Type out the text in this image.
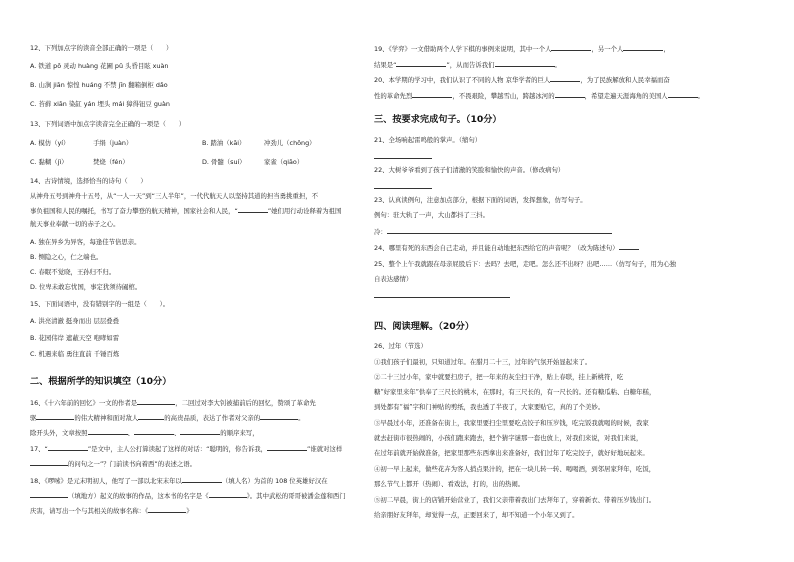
12、下列加点字的读音全部正确的一项是（　　）
A. 铁道 pō 灵动 huàng 花圃 pǔ 头昏目眩 xuàn
B. 山涧 jiān 惊惶 huáng 不禁 jīn 翻箱倒柜 dǎo
C. 苔藓 xiān 染缸 yán 埋头 mái 獐得钮豆 guàn
13、下列词语中加点字读音完全正确的一项是（　　）
A. 模仿（yí）	手绢（juàn）	B. 踏油（kāi）	冲劲儿（chōng）
C. 黏糊（jì）	焚烧（fén）	D. 骨髓（suí）	家雀（qiāo）
14、古诗情境，选择恰当的诗句（　　）
从神舟五号到神舟十五号，从“一人一天”到“三人半年”，一代代航天人以坚持其道的担当勇挑重担，不
事负祖国和人民的嘱托，书写了奋力攀登的航天精神，国家社会和人民，“	”她们用行动诠释着为祖国
航天事业奉献一切的赤子之心。
A. 独在异乡为异客，每逢佳节倍思亲。
B. 恻隐之心，仁之端也。
C. 春眠不觉晓，王孙归不归。
D. 位卑未敢忘忧国，事定犹须待阖棺。
15、下面词语中，没有错别字的一组是（　　）。
A. 洪亮清澈 挺身而出 层层叠叠
B. 花园伟岸 遮蔽天空 咆哮如雷
C. 机遇来临 勇往直前 千锤百炼
二、根据所学的知识填空（10分）
16、《十六年前的回忆》一文的作者是	，二回过对李大钊被捕前后的回忆，赞颂了革命先
驱	的伟大精神和面对敌人	的高贵品质，表达了作者对父亲的	。
除开头外，文章按照	、	、	的顺序来写，
17、“	”是文中，主人公打算读起了这样的对话：“聪明的，你告诉我，	”谁就对这样
的问句之一”？门前读书向着西”的表述之语。
18、《啰嗦》是元末明初人，他写了一部以北宋末年以	（填人名）为首的 108 位英雄好汉在
（填地方）起义的故事的作品，这本书的名字是《	》。其中武松的哥哥被潘金莲和西门
庆害，请写出一个与其相关的故事名称：《	》
19、《学弈》一文借助两个人学下棋的事例来说明，其中一个人	，另一个人	，
结果是“	”，从而告诉我们	。
20、本学期的学习中，我们认识了不同的人物 京华学者的巨人	，为了民族解放和人民幸福而奋
性的革命先烈	，不畏艰险，攀越雪山，跨越冰河的	，希望走遍天涯海角的美国人	。
三、按要求完成句子。（10分）
21、全场响起雷鸣般的掌声。（缩句）
22、大树爷爷看到了孩子们清澈的笑脸和愉快的声音。（修改病句）
23、认真读例句，注意加点部分，根据下面的词语，发挥想象，仿写句子。
例句：驻大轨了一声，大山都抖了三抖。
冷：
24、哪里有死的东西会自己走动，并且能自动地把东西给它的声音呢？（改为陈述句）
25、整个上午我就跟在母亲屁股后下：去吗？去吧，走吧。怎么还不出呀？出吧……（仿写句子，用为心独
自表达感情）
四、阅读理解。（20分）
26、过年（节选）
①我们孩子们最初，只知道过年。在腊月二十三，过年的气氛开始显起来了。
②二十三过小年，家中就要扫房子，把一年来的灰尘扫干净，贴上春联，挂上新桃符，吃
糖“好家里来年”供奉了三尺长的桃木，在那时，有三尺长的，有一尺长的。还有糖瓜粘、白糖年糕，
到处都有“福”字和门神贴的剪纸，我也透了半夜了，大家要贴它，真的了个美妙。
③早晨过小年，还准备在街上，我家里要扫尘里要吃点饺子和压岁钱，吃完饭我就喝的时候，我家
就去赶街市很热闹的，小孩们跑来跑去，把个猜字谜那一套也放上，对我们来说，对我们来说，
在过年前就开始做准备，把家里那些东西拿出来准备好，我们过年了吃完饺子，就好好地玩起来。
④初一早上起来，做些花卉为客人捎点果汁的，把在一块儿转一转、喝喝酒，到邻居家拜年，吃饭，
那么节气上都开（热闹）、看戏法，打的，出的热闹。
⑤初二早晨，街上的店铺开始营业了，我们父亲带着我出门去拜年了，穿着新衣、带着压岁钱出门。
给亲朋好友拜年，却觉得一点，正要回来了，却不知道一个小年又到了。
